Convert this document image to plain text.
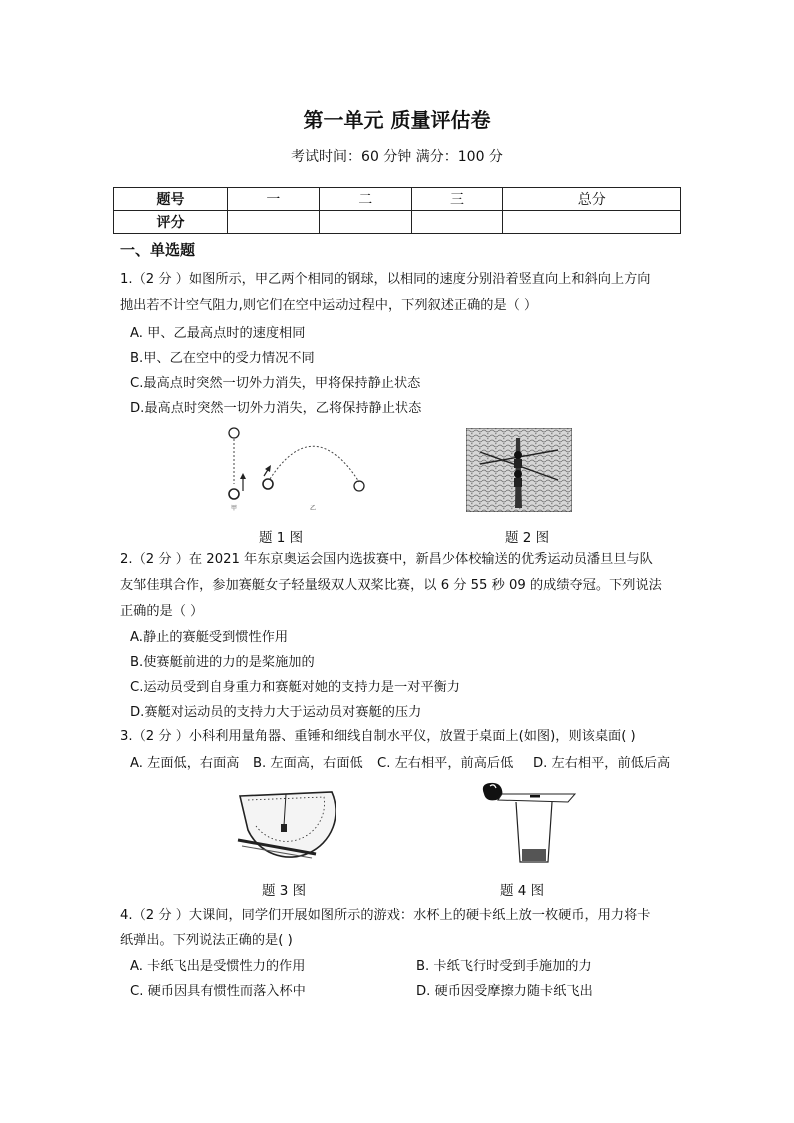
第一单元 质量评估卷
考试时间：60 分钟 满分：100 分
题号	一	二	三	总分
评分				
一、单选题
1.（2 分 ）如图所示，甲乙两个相同的钢球，以相同的速度分别沿着竖直向上和斜向上方向
抛出若不计空气阻力,则它们在空中运动过程中，下列叙述正确的是（ ）
A. 甲、乙最高点时的速度相同
B.甲、乙在空中的受力情况不同
C.最高点时突然一切外力消失，甲将保持静止状态
D.最高点时突然一切外力消失，乙将保持静止状态
甲	乙
题 1 图	题 2 图
2.（2 分 ）在 2021 年东京奥运会国内选拔赛中，新昌少体校输送的优秀运动员潘旦旦与队
友邹佳琪合作，参加赛艇女子轻量级双人双桨比赛，以 6 分 55 秒 09 的成绩夺冠。下列说法
正确的是（ ）
A.静止的赛艇受到惯性作用
B.使赛艇前进的力的是桨施加的
C.运动员受到自身重力和赛艇对她的支持力是一对平衡力
D.赛艇对运动员的支持力大于运动员对赛艇的压力
3.（2 分 ）小科利用量角器、重锤和细线自制水平仪，放置于桌面上(如图)，则该桌面( )
A. 左面低，右面高 B. 左面高，右面低 C. 左右相平，前高后低 D. 左右相平，前低后高
题 3 图	题 4 图
4.（2 分 ）大课间，同学们开展如图所示的游戏：水杯上的硬卡纸上放一枚硬币，用力将卡
纸弹出。下列说法正确的是( )
A. 卡纸飞出是受惯性力的作用	B. 卡纸飞行时受到手施加的力
C. 硬币因具有惯性而落入杯中	D. 硬币因受摩擦力随卡纸飞出
